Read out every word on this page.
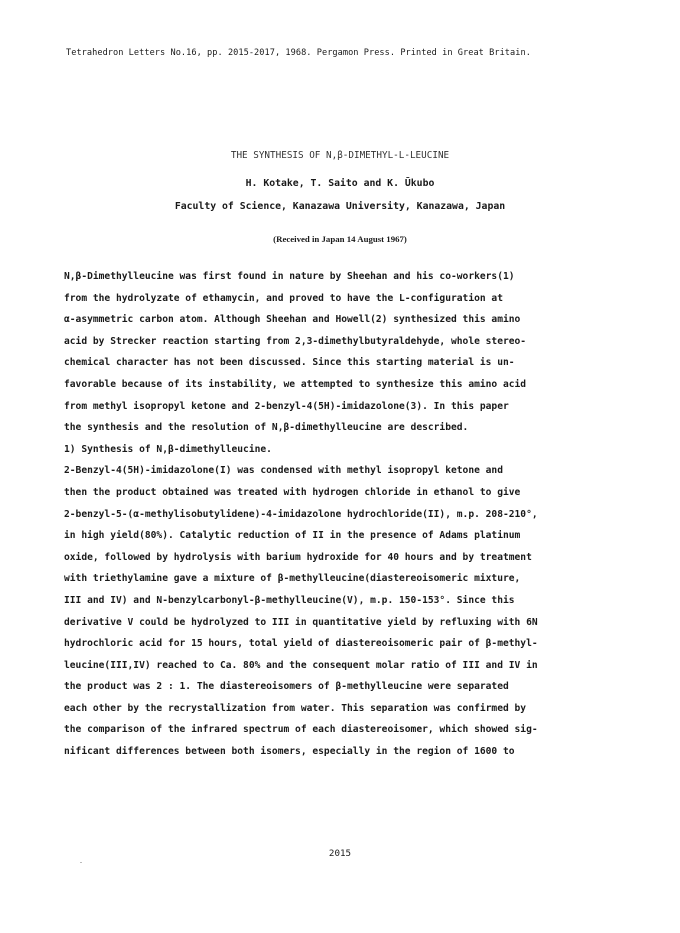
Tetrahedron Letters No.16, pp. 2015-2017, 1968. Pergamon Press. Printed in Great Britain.
THE SYNTHESIS OF N,β-DIMETHYL-L-LEUCINE
H. Kotake, T. Saito and K. Ūkubo
Faculty of Science, Kanazawa University, Kanazawa, Japan
(Received in Japan 14 August 1967)
N,β-Dimethylleucine was first found in nature by Sheehan and his co-workers(1)
from the hydrolyzate of ethamycin, and proved to have the L-configuration at
α-asymmetric carbon atom. Although Sheehan and Howell(2) synthesized this amino
acid by Strecker reaction starting from 2,3-dimethylbutyraldehyde, whole stereo-
chemical character has not been discussed. Since this starting material is un-
favorable because of its instability, we attempted to synthesize this amino acid
from methyl isopropyl ketone and 2-benzyl-4(5H)-imidazolone(3). In this paper
the synthesis and the resolution of N,β-dimethylleucine are described.
1) Synthesis of N,β-dimethylleucine.
2-Benzyl-4(5H)-imidazolone(I) was condensed with methyl isopropyl ketone and
then the product obtained was treated with hydrogen chloride in ethanol to give
2-benzyl-5-(α-methylisobutylidene)-4-imidazolone hydrochloride(II), m.p. 208-210°,
in high yield(80%). Catalytic reduction of II in the presence of Adams platinum
oxide, followed by hydrolysis with barium hydroxide for 40 hours and by treatment
with triethylamine gave a mixture of β-methylleucine(diastereoisomeric mixture,
III and IV) and N-benzylcarbonyl-β-methylleucine(V), m.p. 150-153°. Since this
derivative V could be hydrolyzed to III in quantitative yield by refluxing with 6N
hydrochloric acid for 15 hours, total yield of diastereoisomeric pair of β-methyl-
leucine(III,IV) reached to Ca. 80% and the consequent molar ratio of III and IV in
the product was 2 : 1. The diastereoisomers of β-methylleucine were separated
each other by the recrystallization from water. This separation was confirmed by
the comparison of the infrared spectrum of each diastereoisomer, which showed sig-
nificant differences between both isomers, especially in the region of 1600 to
2015
